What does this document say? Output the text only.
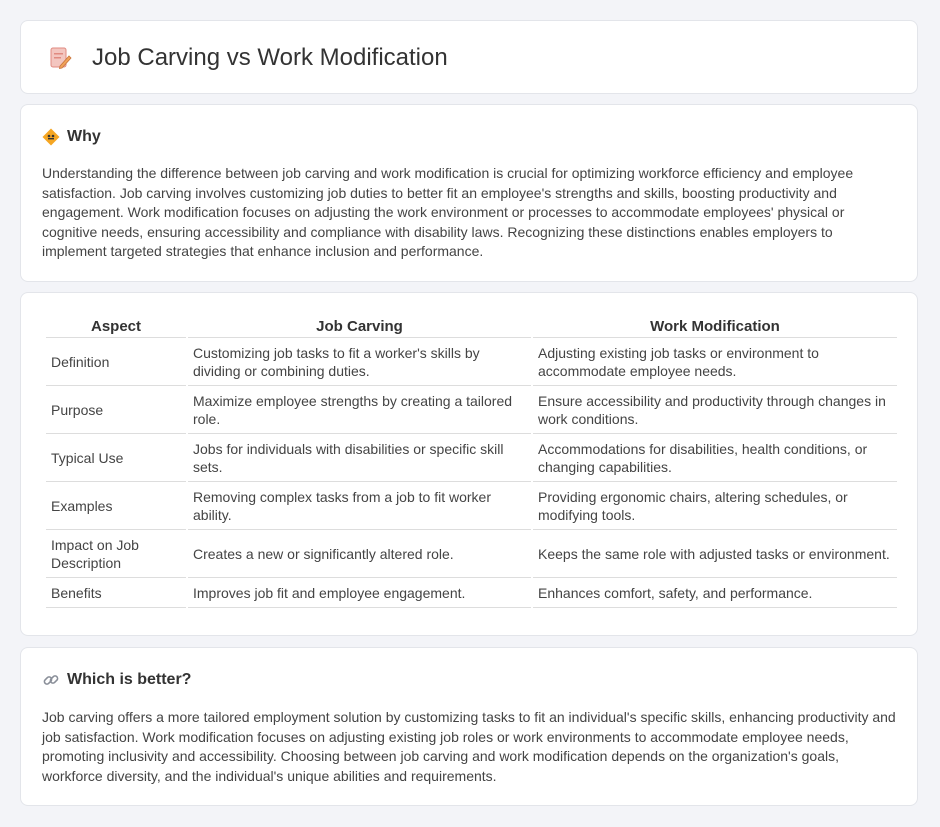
Job Carving vs Work Modification
Why

Understanding the difference between job carving and work modification is crucial for optimizing workforce efficiency and employee satisfaction. Job carving involves customizing job duties to better fit an employee's strengths and skills, boosting productivity and engagement. Work modification focuses on adjusting the work environment or processes to accommodate employees' physical or cognitive needs, ensuring accessibility and compliance with disability laws. Recognizing these distinctions enables employers to implement targeted strategies that enhance inclusion and performance.

Aspect	Job Carving	Work Modification
Definition	Customizing job tasks to fit a worker's skills by dividing or combining duties.	Adjusting existing job tasks or environment to accommodate employee needs.
Purpose	Maximize employee strengths by creating a tailored role.	Ensure accessibility and productivity through changes in work conditions.
Typical Use	Jobs for individuals with disabilities or specific skill sets.	Accommodations for disabilities, health conditions, or changing capabilities.
Examples	Removing complex tasks from a job to fit worker ability.	Providing ergonomic chairs, altering schedules, or modifying tools.
Impact on Job Description	Creates a new or significantly altered role.	Keeps the same role with adjusted tasks or environment.
Benefits	Improves job fit and employee engagement.	Enhances comfort, safety, and performance.
Which is better?

Job carving offers a more tailored employment solution by customizing tasks to fit an individual's specific skills, enhancing productivity and job satisfaction. Work modification focuses on adjusting existing job roles or work environments to accommodate employee needs, promoting inclusivity and accessibility. Choosing between job carving and work modification depends on the organization's goals, workforce diversity, and the individual's unique abilities and requirements.
